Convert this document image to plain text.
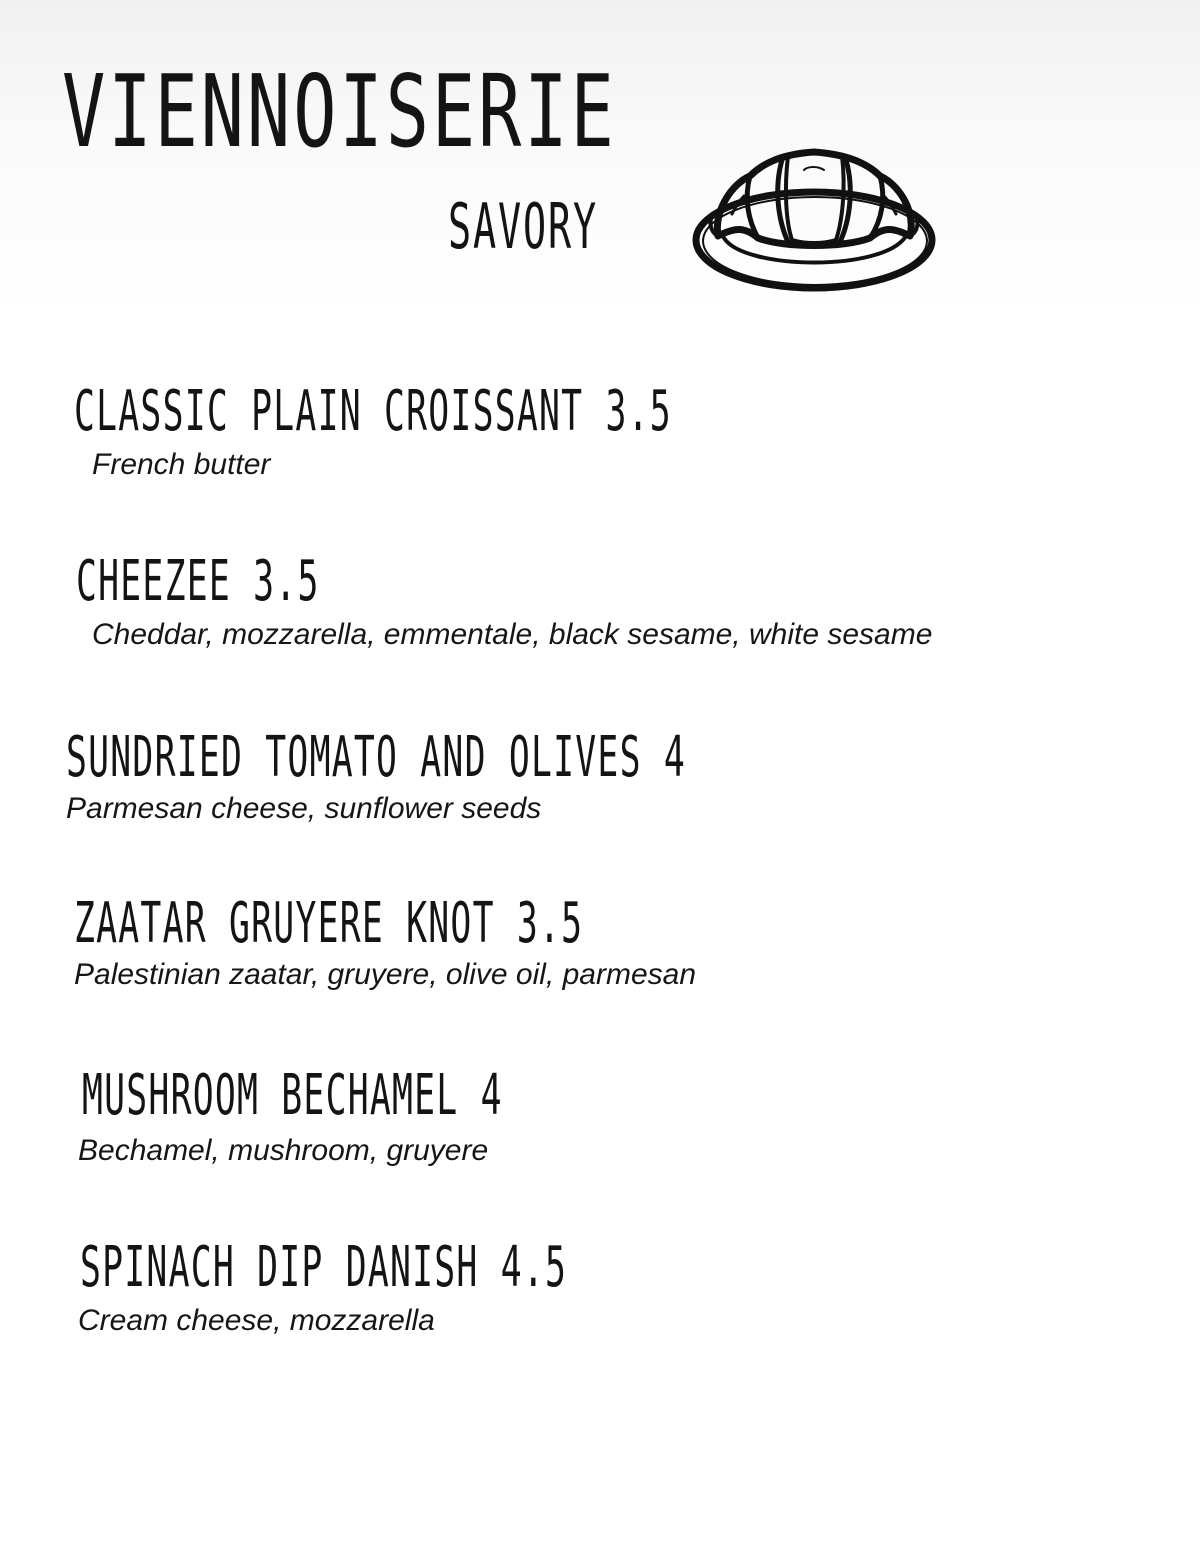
VIENNOISERIE
SAVORY
CLASSIC PLAIN CROISSANT 3.5
French butter
CHEEZEE 3.5
Cheddar, mozzarella, emmentale, black sesame, white sesame
SUNDRIED TOMATO AND OLIVES 4
Parmesan cheese, sunflower seeds
ZAATAR GRUYERE KNOT 3.5
Palestinian zaatar, gruyere, olive oil, parmesan
MUSHROOM BECHAMEL 4
Bechamel, mushroom, gruyere
SPINACH DIP DANISH 4.5
Cream cheese, mozzarella
